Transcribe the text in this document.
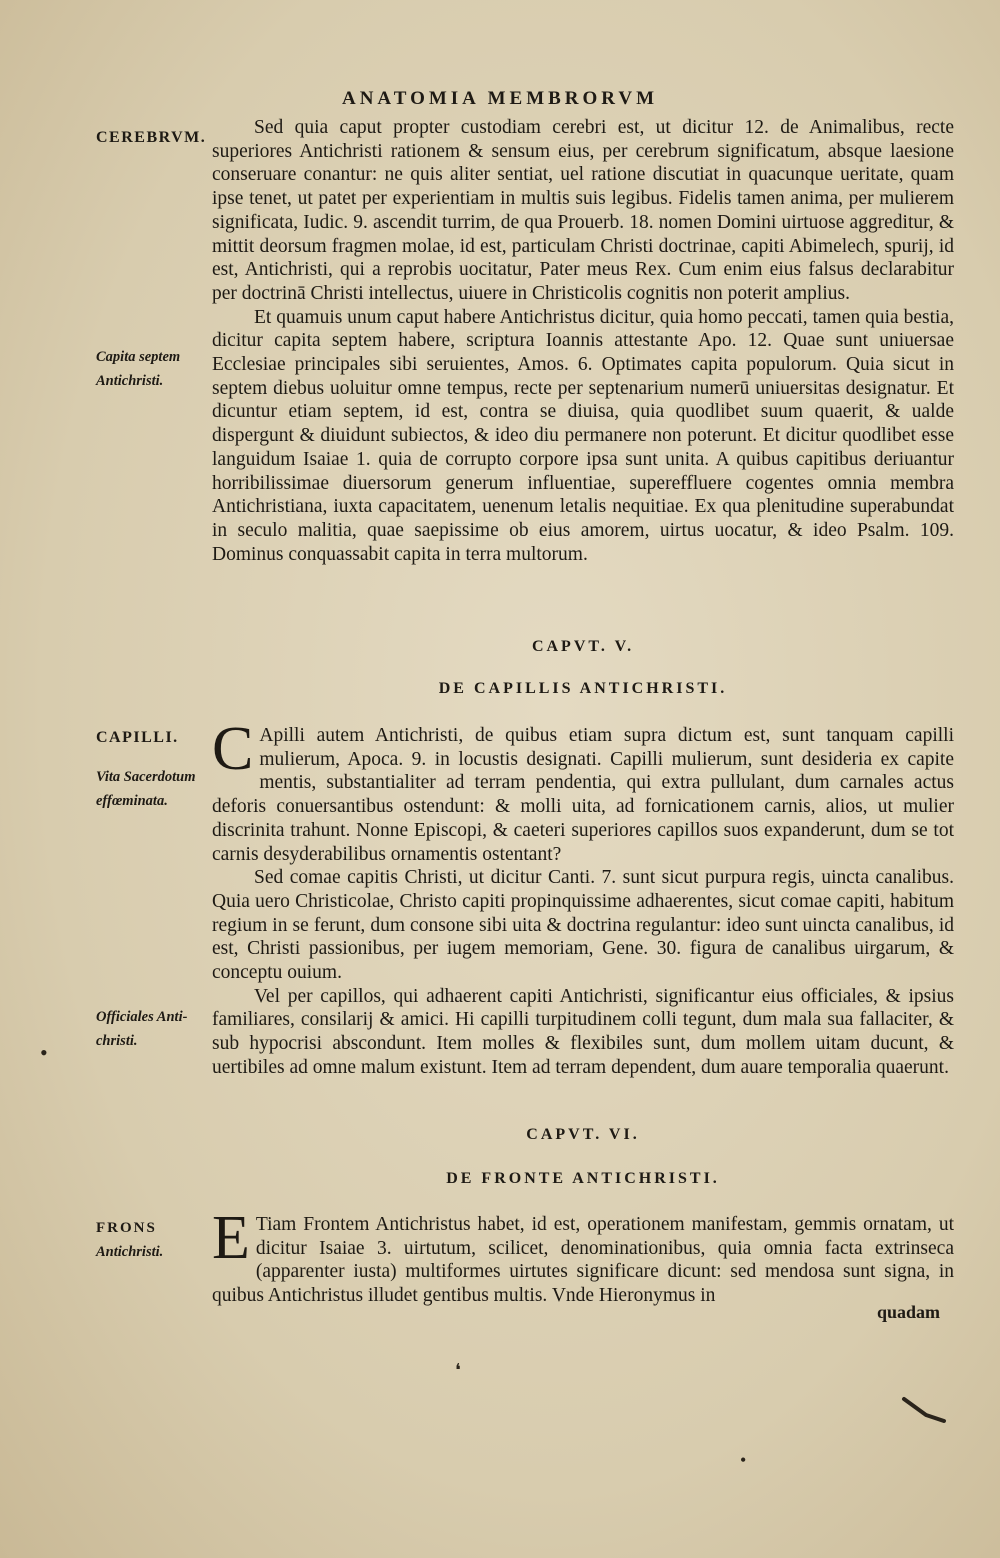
ANATOMIA MEMBRORVM
CEREBRVM.
Capita septem
Antichristi.
CAPILLI.
Vita Sacerdotum
effœminata.
Officiales Anti-
christi.
FRONS
Antichristi.

Sed quia caput propter custodiam cerebri est, ut dicitur 12. de Animalibus, recte superiores Antichristi rationem & sensum eius, per cerebrum significatum, absque laesione conseruare conantur: ne quis aliter sentiat, uel ratione discutiat in quacunque ueritate, quam ipse tenet, ut patet per experientiam in multis suis legibus. Fidelis tamen anima, per mulierem significata, Iudic. 9. ascendit turrim, de qua Prouerb. 18. nomen Domini uirtuose aggreditur, & mittit deorsum fragmen molae, id est, particulam Christi doctrinae, capiti Abimelech, spurij, id est, Antichristi, qui a reprobis uocitatur, Pater meus Rex. Cum enim eius falsus declarabitur per doctrinā Christi intellectus, uiuere in Christicolis cognitis non poterit amplius.

Et quamuis unum caput habere Antichristus dicitur, quia homo peccati, tamen quia bestia, dicitur capita septem habere, scriptura Ioannis attestante Apo. 12. Quae sunt uniuersae Ecclesiae principales sibi seruientes, Amos. 6. Optimates capita populorum. Quia sicut in septem diebus uoluitur omne tempus, recte per septenarium numerū uniuersitas designatur. Et dicuntur etiam septem, id est, contra se diuisa, quia quodlibet suum quaerit, & ualde dispergunt & diuidunt subiectos, & ideo diu permanere non poterunt. Et dicitur quodlibet esse languidum Isaiae 1. quia de corrupto corpore ipsa sunt unita. A quibus capitibus deriuantur horribilissimae diuersorum generum influentiae, supereffluere cogentes omnia membra Antichristiana, iuxta capacitatem, uenenum letalis nequitiae. Ex qua plenitudine superabundat in seculo malitia, quae saepissime ob eius amorem, uirtus uocatur, & ideo Psalm. 109. Dominus conquassabit capita in terra multorum.

CAPVT. V.
DE CAPILLIS ANTICHRISTI.

C Apilli autem Antichristi, de quibus etiam supra dictum est, sunt tanquam capilli mulierum, Apoca. 9. in locustis designati. Capilli mulierum, sunt desideria ex capite mentis, substantialiter ad terram pendentia, qui extra pullulant, dum carnales actus deforis conuersantibus ostendunt: & molli uita, ad fornicationem carnis, alios, ut mulier discrinita trahunt. Nonne Episcopi, & caeteri superiores capillos suos expanderunt, dum se tot carnis desyderabilibus ornamentis ostentant?

Sed comae capitis Christi, ut dicitur Canti. 7. sunt sicut purpura regis, uincta canalibus. Quia uero Christicolae, Christo capiti propinquissime adhaerentes, sicut comae capiti, habitum regium in se ferunt, dum consone sibi uita & doctrina regulantur: ideo sunt uincta canalibus, id est, Christi passionibus, per iugem memoriam, Gene. 30. figura de canalibus uirgarum, & conceptu ouium.

Vel per capillos, qui adhaerent capiti Antichristi, significantur eius officiales, & ipsius familiares, consilarij & amici. Hi capilli turpitudinem colli tegunt, dum mala sua fallaciter, & sub hypocrisi abscondunt. Item molles & flexibiles sunt, dum mollem uitam ducunt, & uertibiles ad omne malum existunt. Item ad terram dependent, dum auare temporalia quaerunt.

CAPVT. VI.
DE FRONTE ANTICHRISTI.

E Tiam Frontem Antichristus habet, id est, operationem manifestam, gemmis ornatam, ut dicitur Isaiae 3. uirtutum, scilicet, denominationibus, quia omnia facta extrinseca (apparenter iusta) multiformes uirtutes significare dicunt: sed mendosa sunt signa, in quibus Antichristus illudet gentibus multis. Vnde Hieronymus in

quadam
•
•
❛
